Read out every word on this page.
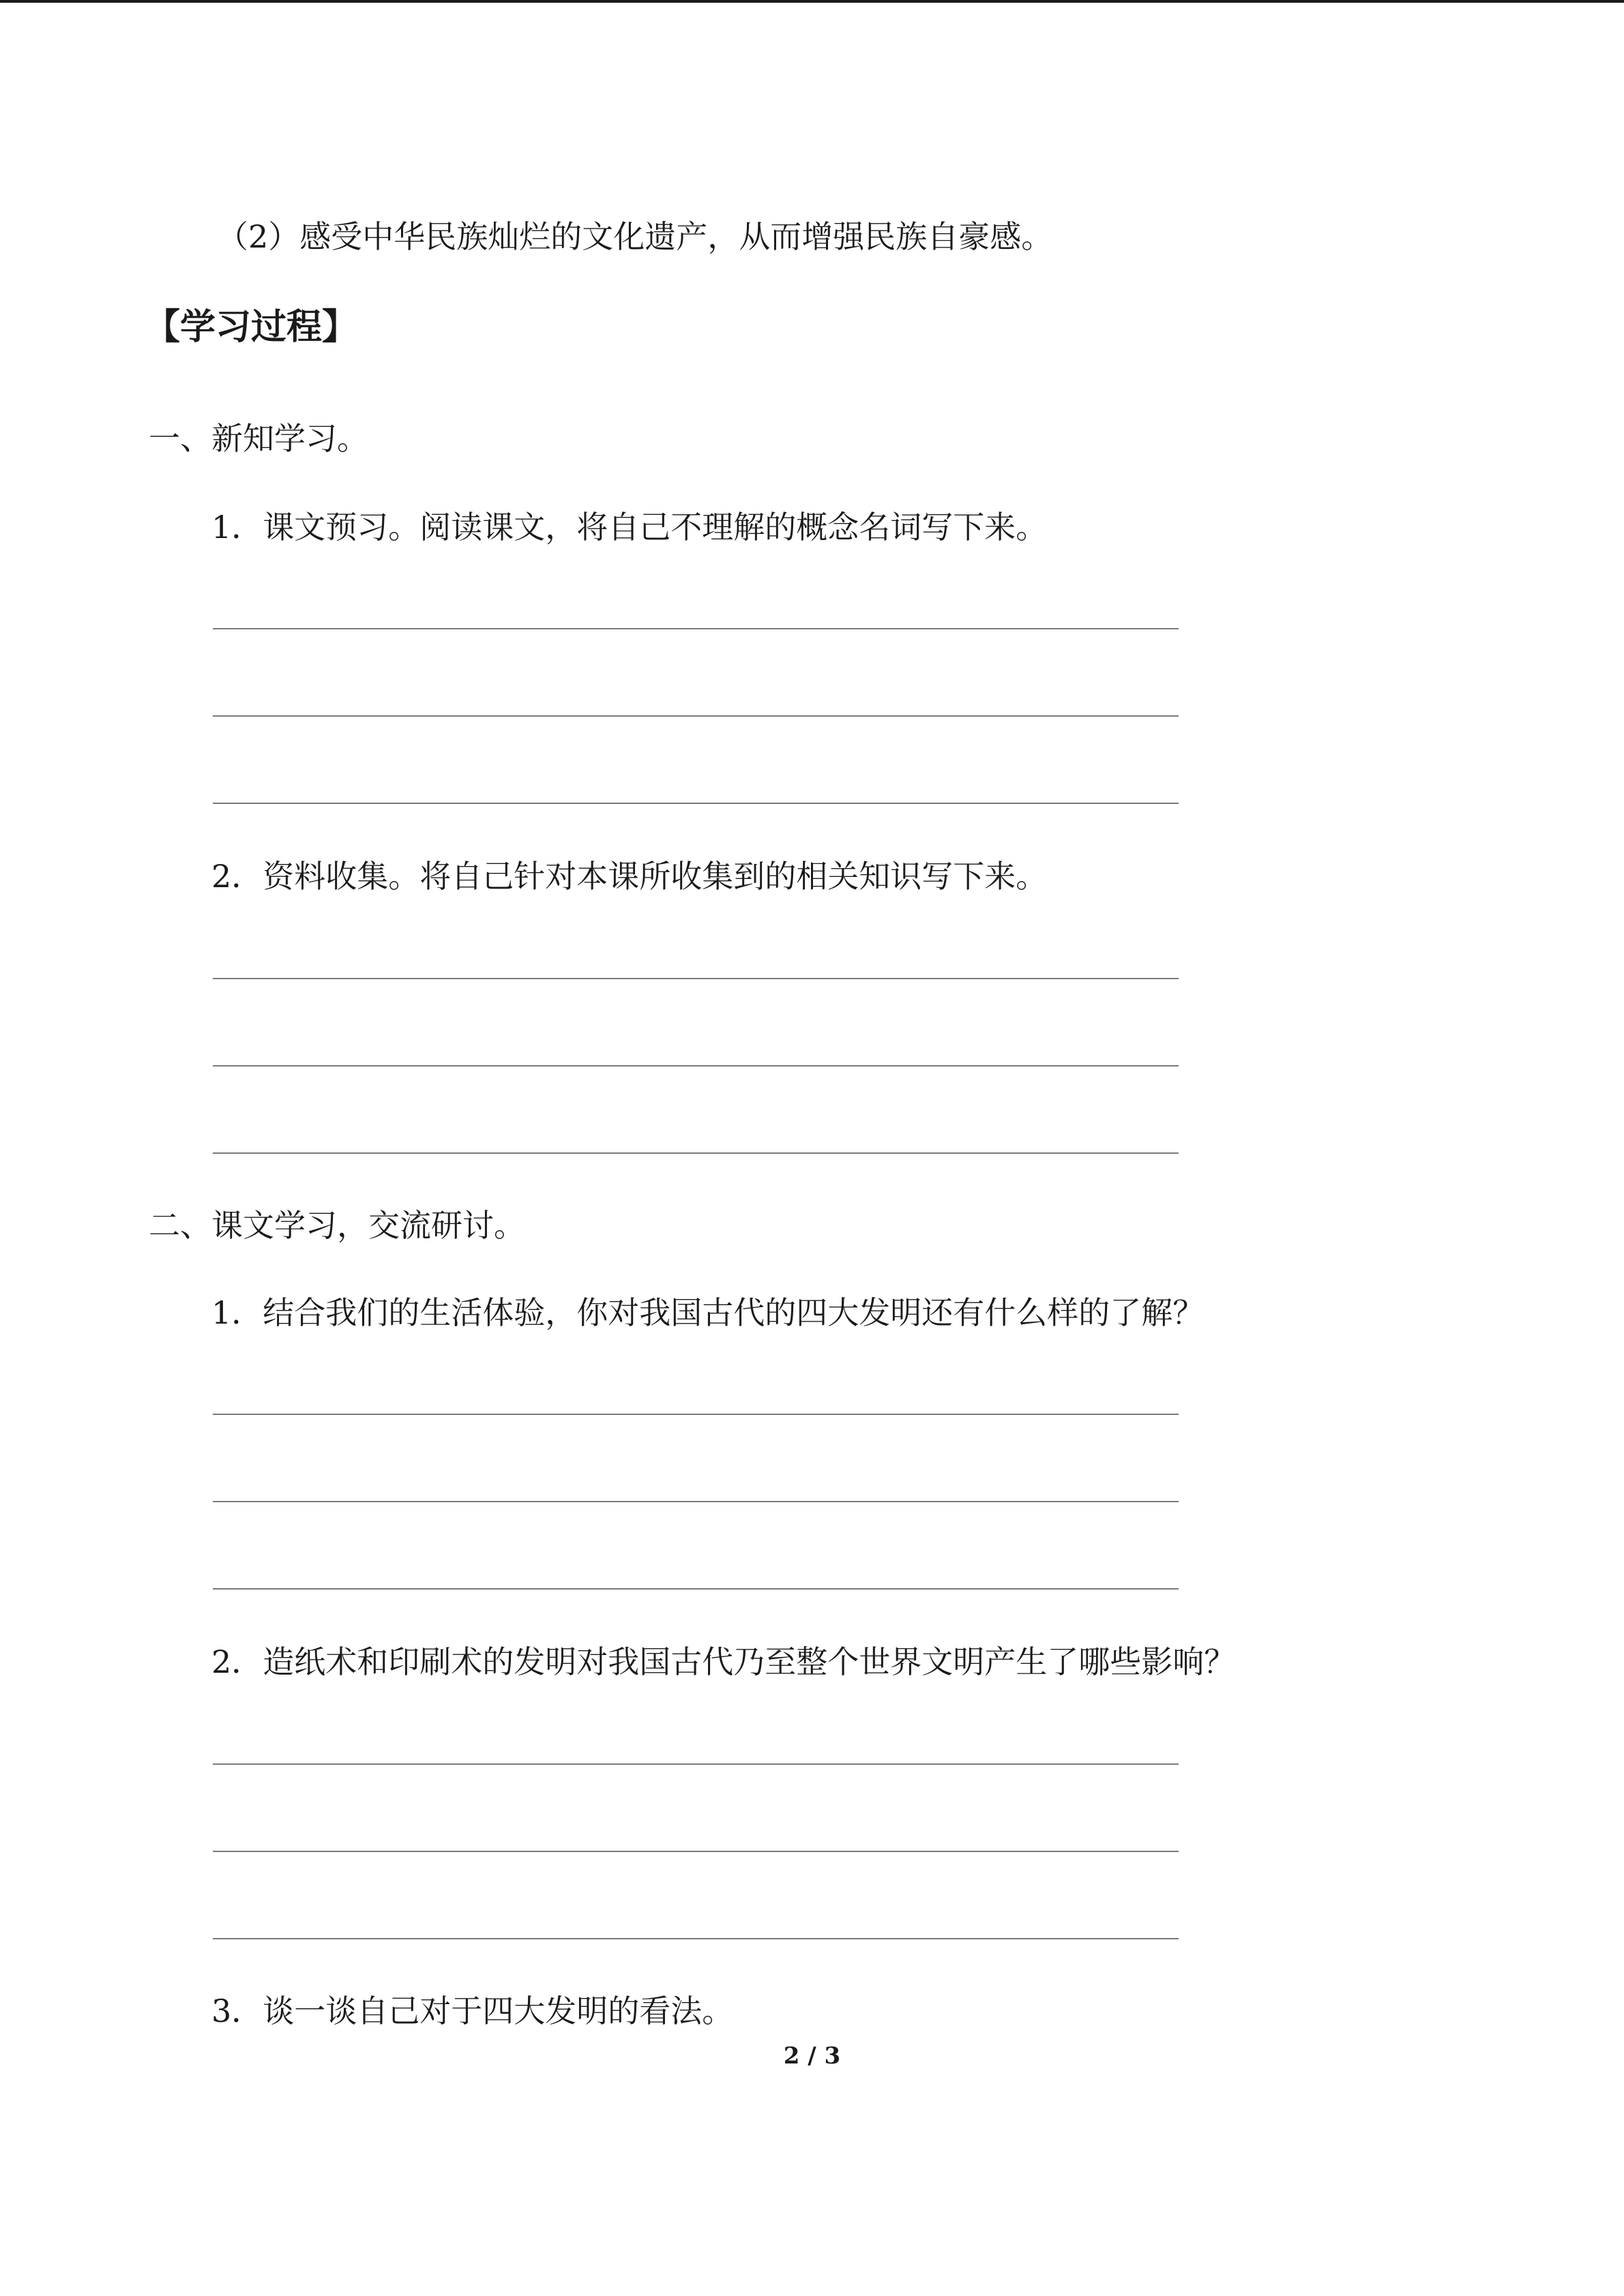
（2）感受中华民族灿烂的文化遗产，从而增强民族自豪感。
【学习过程】
一、新知学习。
1．课文预习。阅读课文，将自己不理解的概念名词写下来。
2．资料收集。将自己针对本课所收集到的相关知识写下来。
二、课文学习，交流研讨。
1．结合我们的生活体验，你对我国古代的四大发明还有什么样的了解？
2．造纸术和印刷术的发明对我国古代乃至整个世界文明产生了哪些影响？
3．谈一谈自己对于四大发明的看法。
2 / 3
